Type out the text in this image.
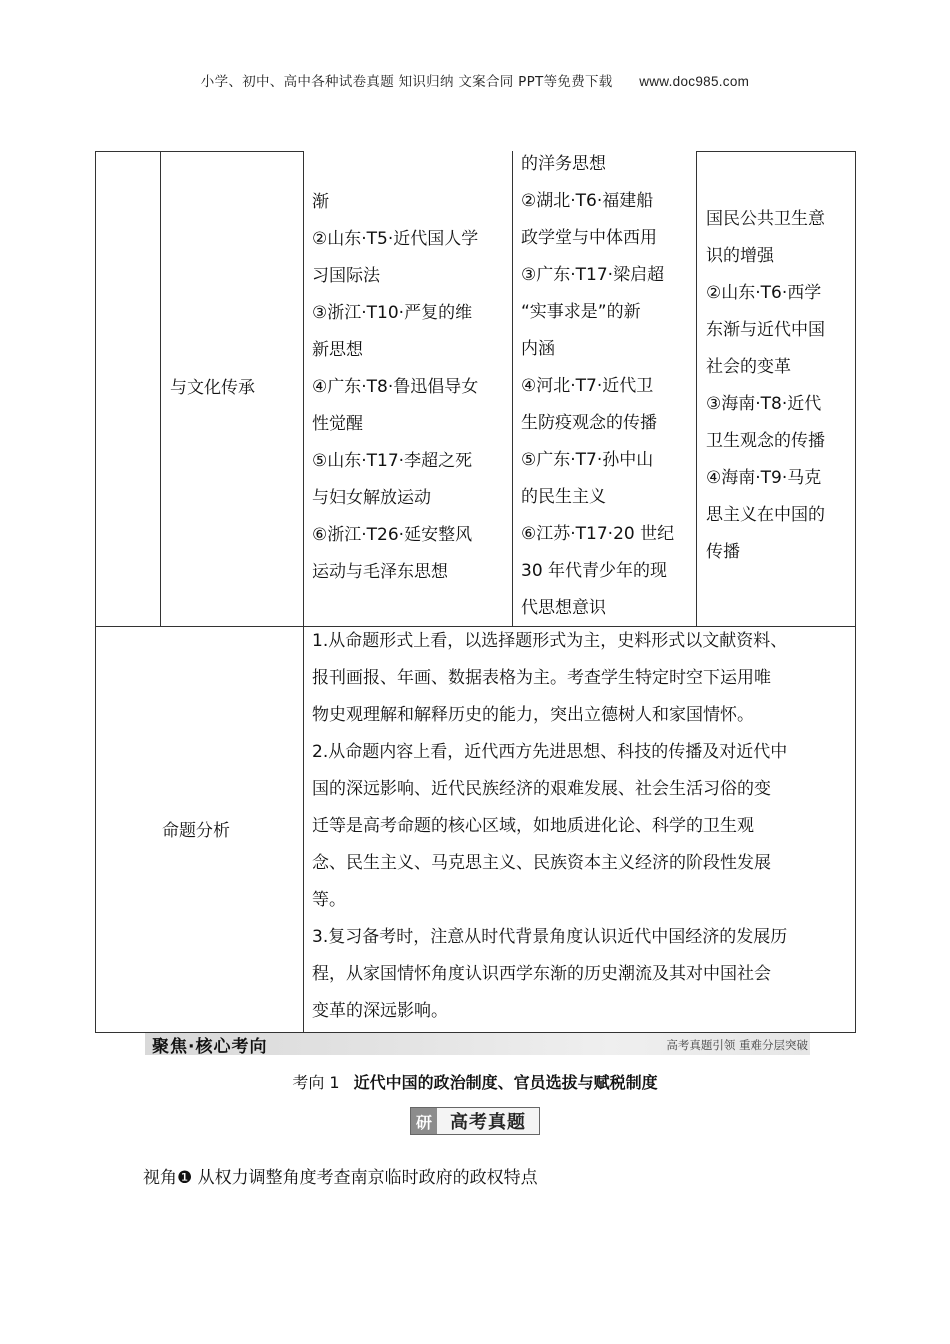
小学、初中、高中各种试卷真题 知识归纳 文案合同 PPT等免费下载 www.doc985.com
与文化传承
渐
②山东·T5·近代国人学
习国际法
③浙江·T10·严复的维
新思想
④广东·T8·鲁迅倡导女
性觉醒
⑤山东·T17·李超之死
与妇女解放运动
⑥浙江·T26·延安整风
运动与毛泽东思想
的洋务思想
②湖北·T6·福建船
政学堂与中体西用
③广东·T17·梁启超
“实事求是”的新
内涵
④河北·T7·近代卫
生防疫观念的传播
⑤广东·T7·孙中山
的民生主义
⑥江苏·T17·20 世纪
30 年代青少年的现
代思想意识
国民公共卫生意
识的增强
②山东·T6·西学
东渐与近代中国
社会的变革
③海南·T8·近代
卫生观念的传播
④海南·T9·马克
思主义在中国的
传播
命题分析
1.从命题形式上看，以选择题形式为主，史料形式以文献资料、
报刊画报、年画、数据表格为主。考查学生特定时空下运用唯
物史观理解和解释历史的能力，突出立德树人和家国情怀。
2.从命题内容上看，近代西方先进思想、科技的传播及对近代中
国的深远影响、近代民族经济的艰难发展、社会生活习俗的变
迁等是高考命题的核心区域，如地质进化论、科学的卫生观
念、民生主义、马克思主义、民族资本主义经济的阶段性发展
等。
3.复习备考时，注意从时代背景角度认识近代中国经济的发展历
程，从家国情怀角度认识西学东渐的历史潮流及其对中国社会
变革的深远影响。
聚焦·核心考向	高考真题引领 重难分层突破
考向 1 近代中国的政治制度、官员选拔与赋税制度
研	高考真题
视角❶ 从权力调整角度考查南京临时政府的政权特点
